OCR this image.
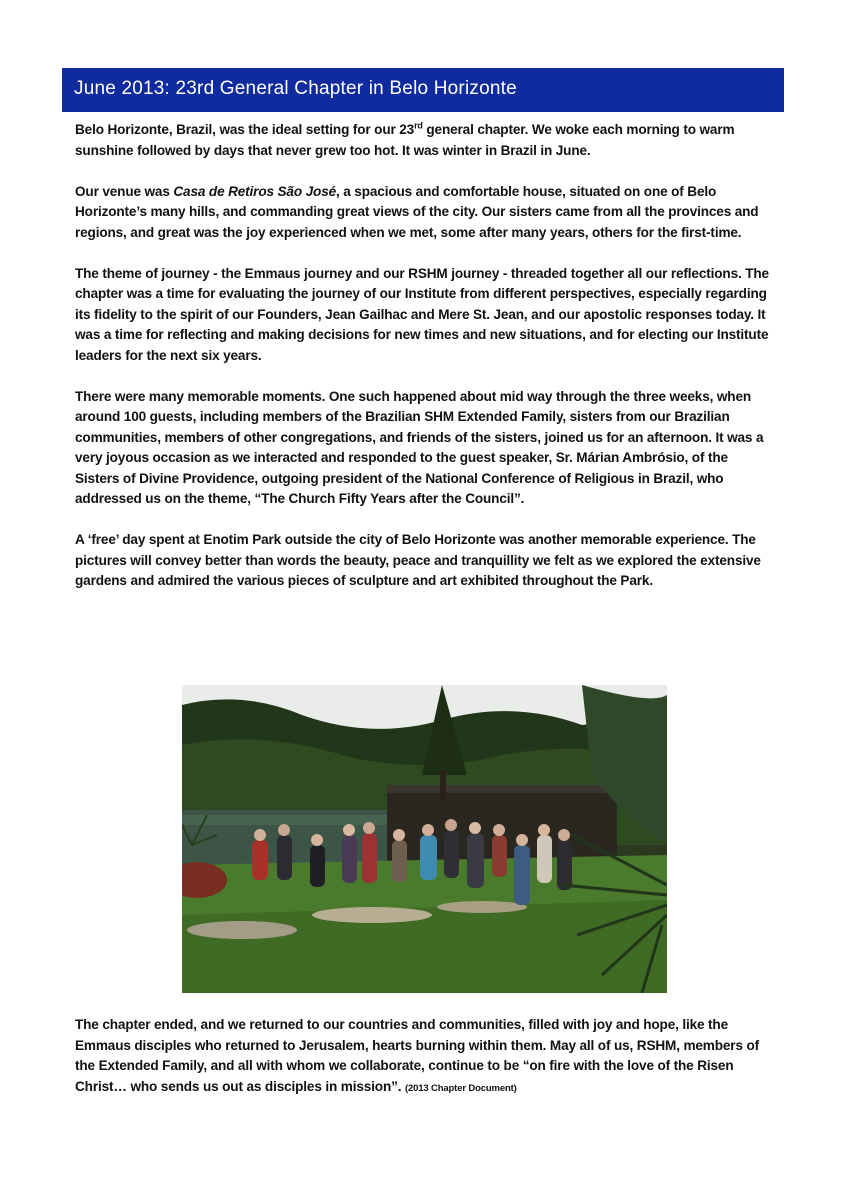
June 2013: 23rd General Chapter in Belo Horizonte

Belo Horizonte, Brazil, was the ideal setting for our 23rd general chapter. We woke each morning to warm sunshine followed by days that never grew too hot. It was winter in Brazil in June.

Our venue was Casa de Retiros São José, a spacious and comfortable house, situated on one of Belo Horizonte’s many hills, and commanding great views of the city. Our sisters came from all the provinces and regions, and great was the joy experienced when we met, some after many years, others for the first-time.

The theme of journey - the Emmaus journey and our RSHM journey - threaded together all our reflections. The chapter was a time for evaluating the journey of our Institute from different perspectives, especially regarding its fidelity to the spirit of our Founders, Jean Gailhac and Mere St. Jean, and our apostolic responses today. It was a time for reflecting and making decisions for new times and new situations, and for electing our Institute leaders for the next six years.

There were many memorable moments. One such happened about mid way through the three weeks, when around 100 guests, including members of the Brazilian SHM Extended Family, sisters from our Brazilian communities, members of other congregations, and friends of the sisters, joined us for an afternoon. It was a very joyous occasion as we interacted and responded to the guest speaker, Sr. Márian Ambrósio, of the Sisters of Divine Providence, outgoing president of the National Conference of Religious in Brazil, who addressed us on the theme, “The Church Fifty Years after the Council”.

A ‘free’ day spent at Enotim Park outside the city of Belo Horizonte was another memorable experience. The pictures will convey better than words the beauty, peace and tranquillity we felt as we explored the extensive gardens and admired the various pieces of sculpture and art exhibited throughout the Park.

The chapter ended, and we returned to our countries and communities, filled with joy and hope, like the Emmaus disciples who returned to Jerusalem, hearts burning within them. May all of us, RSHM, members of the Extended Family, and all with whom we collaborate, continue to be “on fire with the love of the Risen Christ… who sends us out as disciples in mission”. (2013 Chapter Document)
